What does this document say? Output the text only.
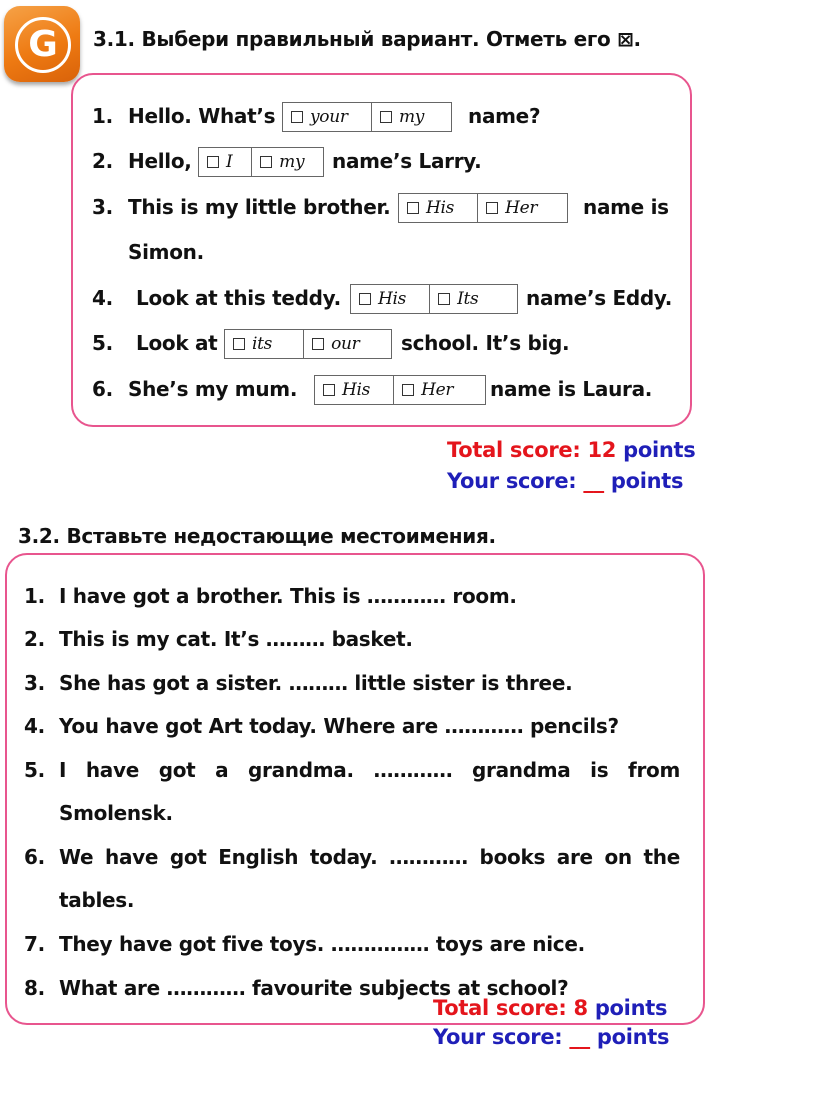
G	3.1. Выбери правильный вариант. Отметь его ⊠.
1. Hello. What’s your	my name?
2. Hello, I	my name’s Larry.
3. This is my little brother. His	Her name is
Simon.
4. Look at this teddy. His	Its name’s Eddy.
5. Look at its	our school. It’s big.
6. She’s my mum.	His	Her name is Laura.
Total score: 12 points
Your score: __ points
3.2. Вставьте недостающие местоимения.
1. I have got a brother. This is ………… room.
2. This is my cat. It’s ……… basket.
3. She has got a sister. ……… little sister is three.
4. You have got Art today. Where are ………… pencils?
5. I have got a grandma. ………… grandma is from
Smolensk.
6. We have got English today. ………… books are on the
tables.
7. They have got five toys. …………… toys are nice.
8. What are ………… favourite subjects at school?
Total score: 8 points
Your score: __ points
